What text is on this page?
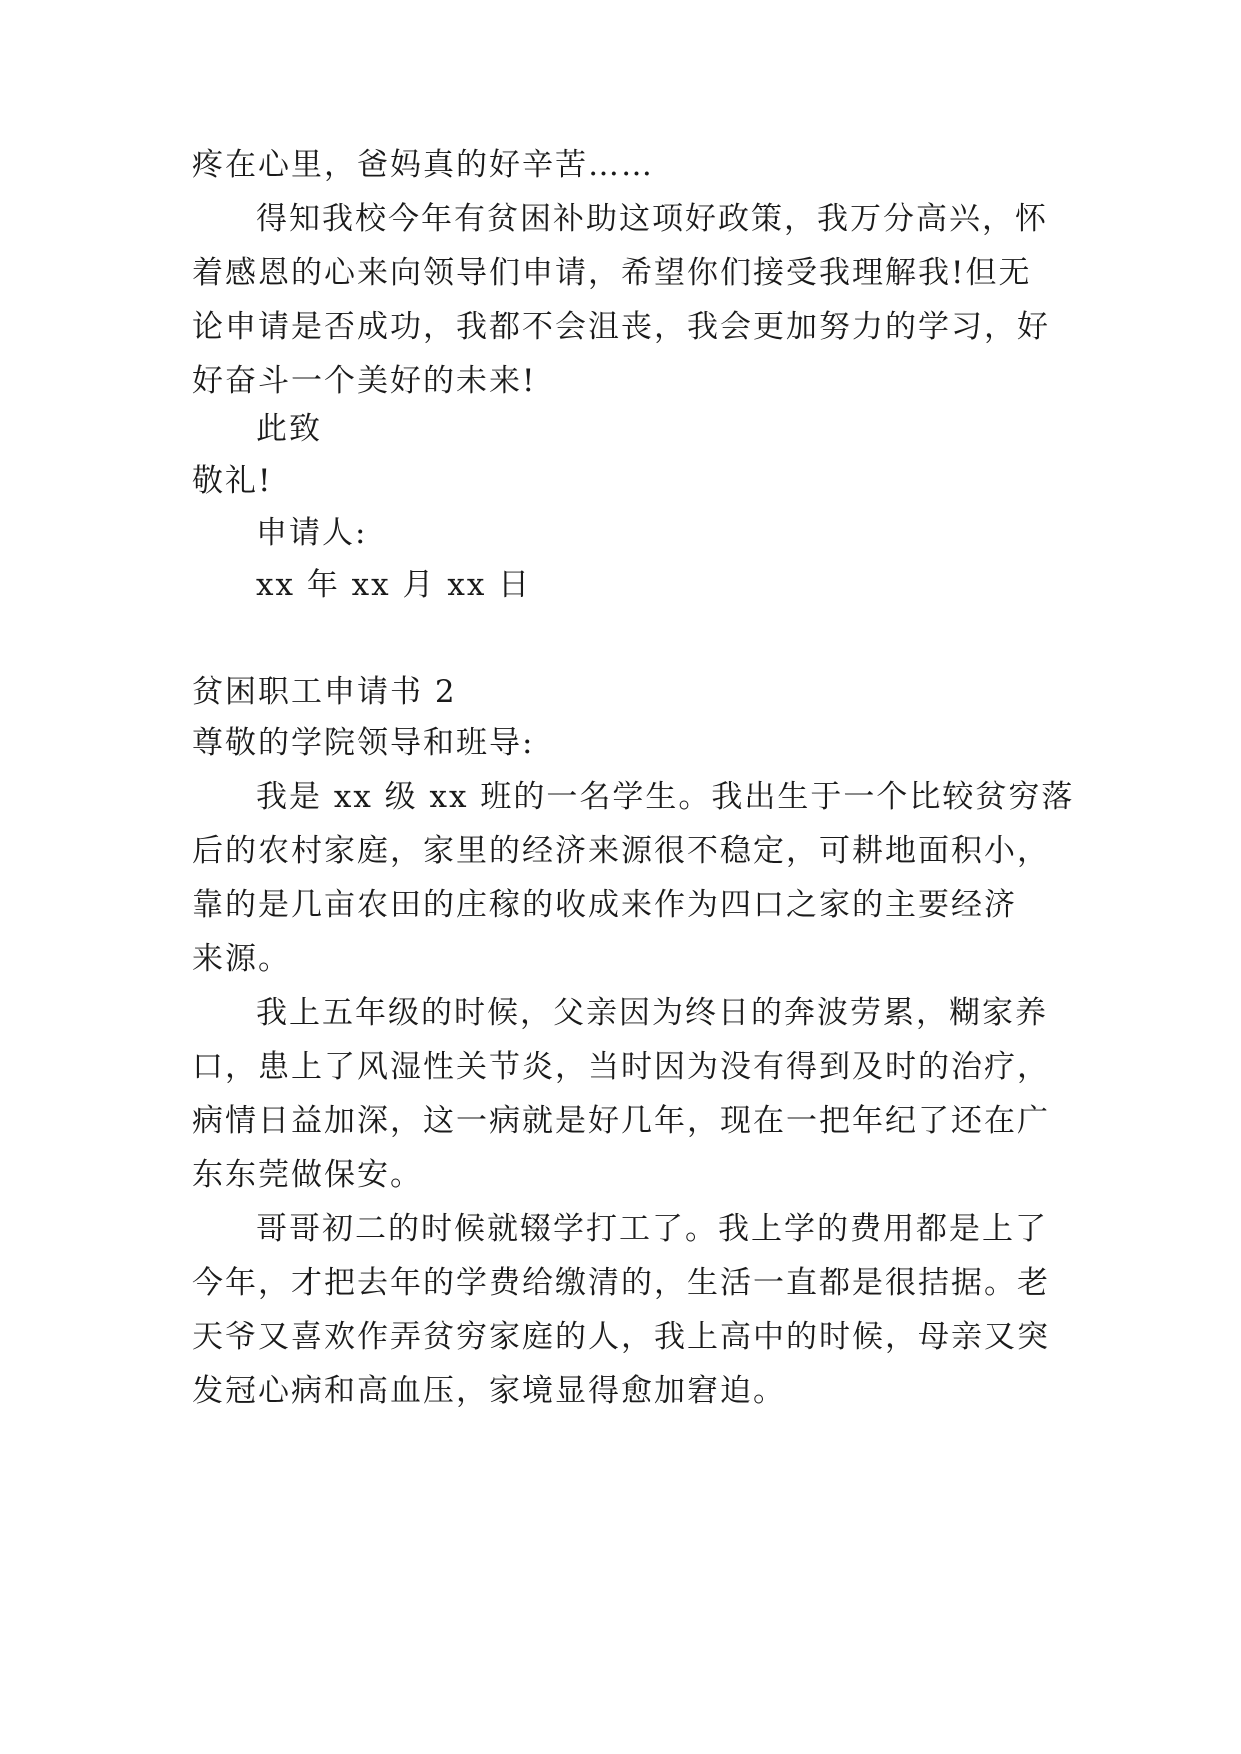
疼在心里，爸妈真的好辛苦……
得知我校今年有贫困补助这项好政策，我万分高兴，怀
着感恩的心来向领导们申请，希望你们接受我理解我!但无
论申请是否成功，我都不会沮丧，我会更加努力的学习，好
好奋斗一个美好的未来!
此致
敬礼!
申请人:
xx 年 xx 月 xx 日
贫困职工申请书 2
尊敬的学院领导和班导:
我是 xx 级 xx 班的一名学生。我出生于一个比较贫穷落
后的农村家庭，家里的经济来源很不稳定，可耕地面积小，
靠的是几亩农田的庄稼的收成来作为四口之家的主要经济
来源。
我上五年级的时候，父亲因为终日的奔波劳累，糊家养
口，患上了风湿性关节炎，当时因为没有得到及时的治疗，
病情日益加深，这一病就是好几年，现在一把年纪了还在广
东东莞做保安。
哥哥初二的时候就辍学打工了。我上学的费用都是上了
今年，才把去年的学费给缴清的，生活一直都是很拮据。老
天爷又喜欢作弄贫穷家庭的人，我上高中的时候，母亲又突
发冠心病和高血压，家境显得愈加窘迫。
